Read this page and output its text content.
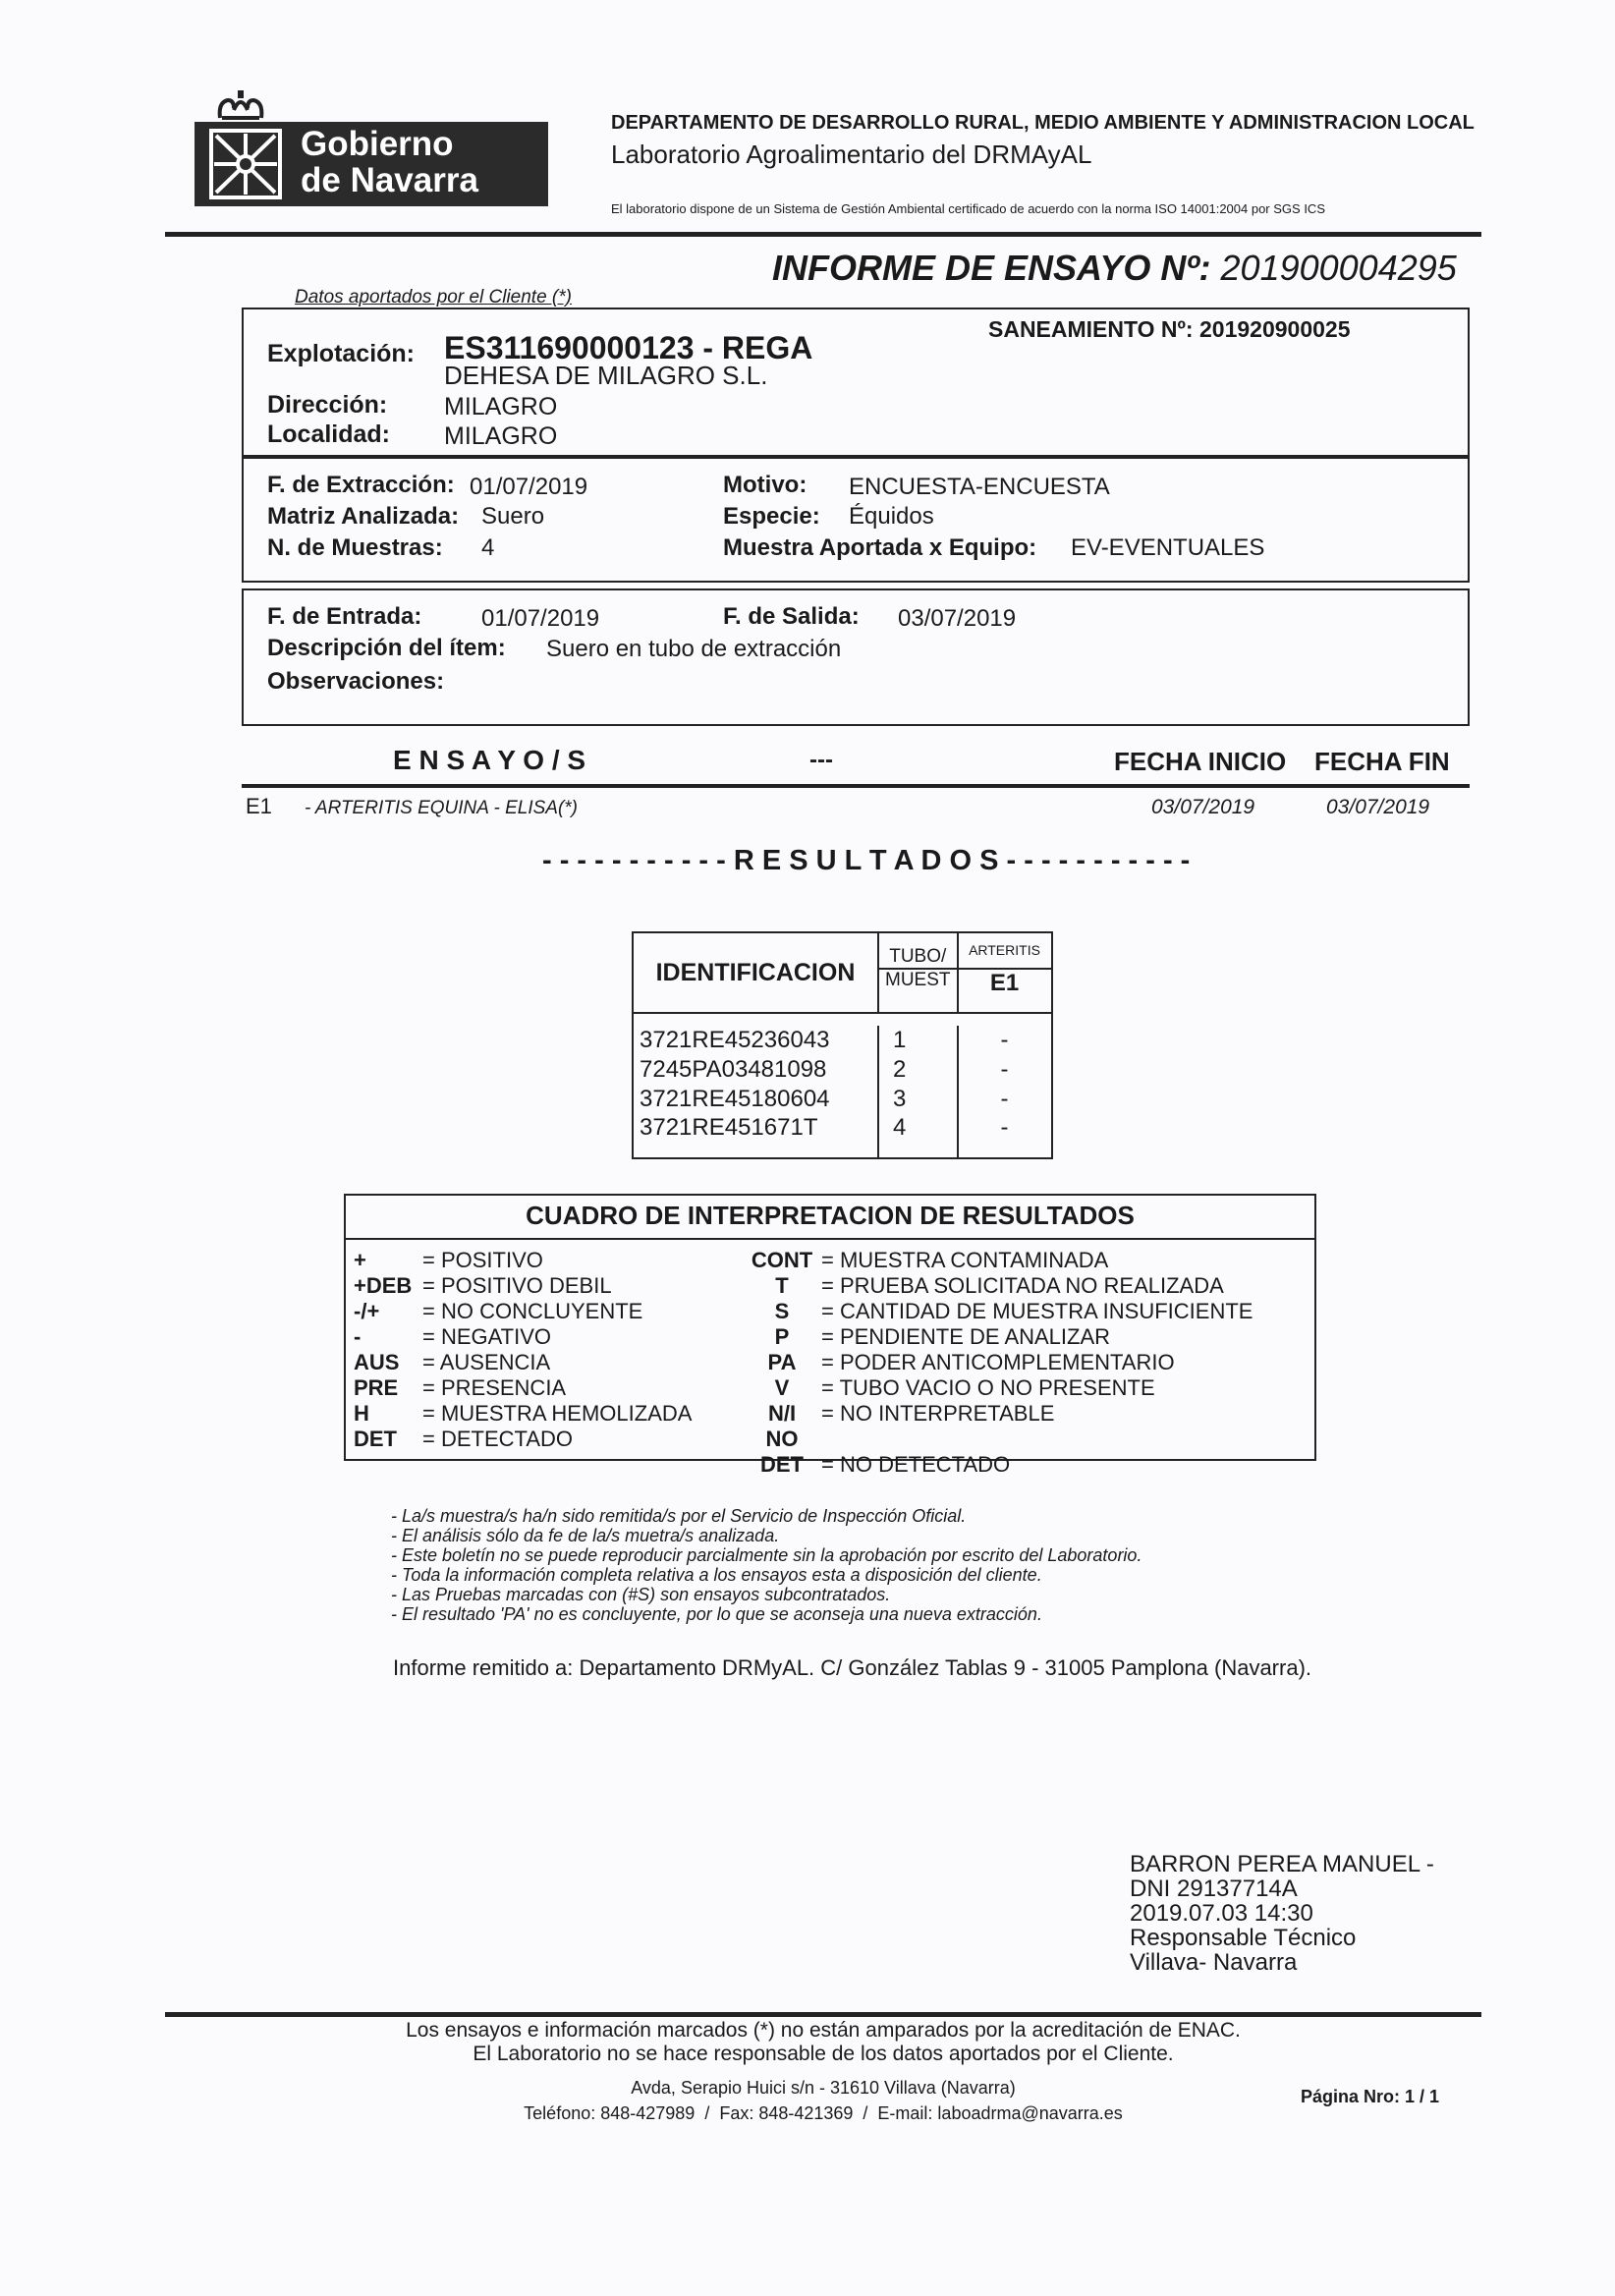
Gobierno
de Navarra
DEPARTAMENTO DE DESARROLLO RURAL, MEDIO AMBIENTE Y ADMINISTRACION LOCAL
Laboratorio Agroalimentario del DRMAyAL
El laboratorio dispone de un Sistema de Gestión Ambiental certificado de acuerdo con la norma ISO 14001:2004 por SGS ICS
INFORME DE ENSAYO Nº: 201900004295
Datos aportados por el Cliente (*)
Explotación: ES311690000123 - REGA
DEHESA DE MILAGRO S.L.
Dirección: MILAGRO
Localidad: MILAGRO
SANEAMIENTO Nº: 201920900025
F. de Extracción: 01/07/2019
Matriz Analizada: Suero
N. de Muestras: 4
Motivo: ENCUESTA-ENCUESTA
Especie: Équidos
Muestra Aportada x Equipo: EV-EVENTUALES
F. de Entrada:	01/07/2019	F. de Salida: 03/07/2019
Descripción del ítem: Suero en tubo de extracción
Observaciones:
E N S A Y O / S	---	FECHA INICIO FECHA FIN
E1 - ARTERITIS EQUINA - ELISA(*)	03/07/2019	03/07/2019
- - - - - - - - - - - R E S U L T A D O S - - - - - - - - - - -
IDENTIFICACION	TUBO/	ARTERITIS
	MUEST	E1

3721RE45236043	1	-
7245PA03481098	2	-
3721RE45180604	3	-
3721RE451671T	4	-
CUADRO DE INTERPRETACION DE RESULTADOS
+	= POSITIVO
+DEB = POSITIVO DEBIL
-/+ = NO CONCLUYENTE
-	= NEGATIVO
AUS = AUSENCIA
PRE = PRESENCIA
H = MUESTRA HEMOLIZADA
DET = DETECTADO
CONT = MUESTRA CONTAMINADA
T = PRUEBA SOLICITADA NO REALIZADA
S = CANTIDAD DE MUESTRA INSUFICIENTE
P = PENDIENTE DE ANALIZAR
PA = PODER ANTICOMPLEMENTARIO
V = TUBO VACIO O NO PRESENTE
N/I = NO INTERPRETABLE
NO DET = NO DETECTADO
- La/s muestra/s ha/n sido remitida/s por el Servicio de Inspección Oficial.
- El análisis sólo da fe de la/s muetra/s analizada.
- Este boletín no se puede reproducir parcialmente sin la aprobación por escrito del Laboratorio.
- Toda la información completa relativa a los ensayos esta a disposición del cliente.
- Las Pruebas marcadas con (#S) son ensayos subcontratados.
- El resultado 'PA' no es concluyente, por lo que se aconseja una nueva extracción.
Informe remitido a: Departamento DRMyAL. C/ González Tablas 9 - 31005 Pamplona (Navarra).
BARRON PEREA MANUEL -
DNI 29137714A
2019.07.03 14:30
Responsable Técnico
Villava- Navarra
Los ensayos e información marcados (*) no están amparados por la acreditación de ENAC.
El Laboratorio no se hace responsable de los datos aportados por el Cliente.
Avda, Serapio Huici s/n - 31610 Villava (Navarra)
Teléfono: 848-427989  /  Fax: 848-421369  /  E-mail: laboadrma@navarra.es
Página Nro: 1 / 1
